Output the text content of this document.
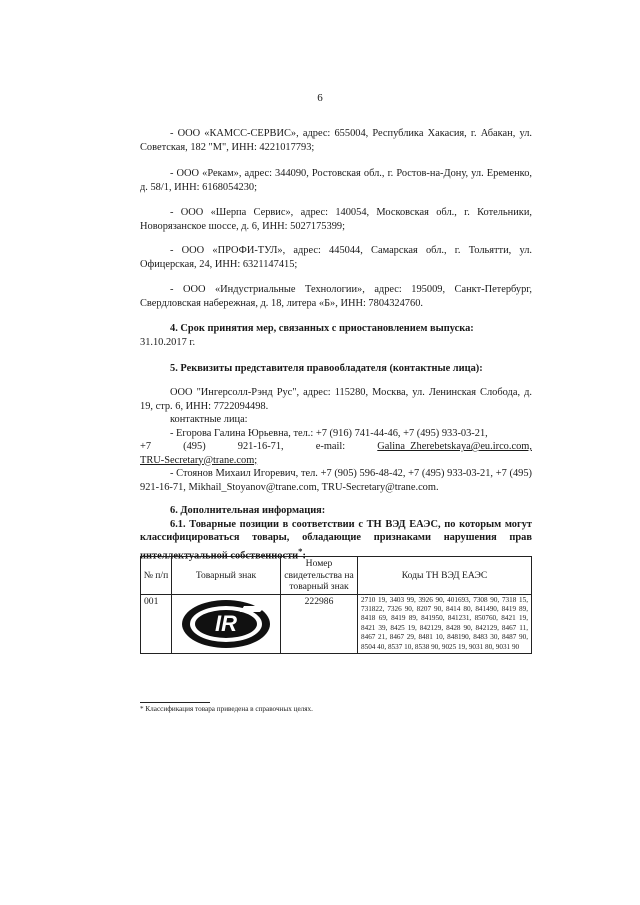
6

- ООО «КАМСС-СЕРВИС», адрес: 655004, Республика Хакасия, г. Абакан, ул. Советская, 182 "М", ИНН: 4221017793;

- ООО «Рекам», адрес: 344090, Ростовская обл., г. Ростов-на-Дону, ул. Еременко, д. 58/1, ИНН: 6168054230;

- ООО «Шерпа Сервис», адрес: 140054, Московская обл., г. Котельники, Новорязанское шоссе, д. 6, ИНН: 5027175399;

- ООО «ПРОФИ-ТУЛ», адрес: 445044, Самарская обл., г. Тольятти, ул. Офицерская, 24, ИНН: 6321147415;

- ООО «Индустриальные Технологии», адрес: 195009, Санкт-Петербург, Свердловская набережная, д. 18, литера «Б», ИНН: 7804324760.

4. Срок принятия мер, связанных с приостановлением выпуска:

31.10.2017 г.

5. Реквизиты представителя правообладателя (контактные лица):

ООО "Ингерсолл-Рэнд Рус", адрес: 115280, Москва, ул. Ленинская Слобода, д. 19, стр. 6, ИНН: 7722094498.

контактные лица:

- Егорова Галина Юрьевна, тел.: +7 (916) 741-44-46, +7 (495) 933-03-21,

+7	(495)	921-16-71,	e-mail:	Galina_Zherebetskaya@eu.irco.com,

TRU-Secretary@trane.com;

- Стоянов Михаил Игоревич, тел. +7 (905) 596-48-42, +7 (495) 933-03-21, +7 (495) 921-16-71, Mikhail_Stoyanov@trane.com, TRU-Secretary@trane.com.

6. Дополнительная информация:

6.1. Товарные позиции в соответствии с ТН ВЭД ЕАЭС, по которым могут классифицироваться товары, обладающие признаками нарушения прав интеллектуальной собственности*:

№ п/п	Товарный знак	Номер свидетельства на товарный знак	Коды ТН ВЭД ЕАЭС
001	IR	222986	2710 19, 3403 99, 3926 90, 401693, 7308 90, 7318 15, 731822, 7326 90, 8207 90, 8414 80, 841490, 8419 89, 8418 69, 8419 89, 841950, 841231, 850760, 8421 19, 8421 39, 8425 19, 842129, 8428 90, 842129, 8467 11, 8467 21, 8467 29, 8481 10, 848190, 8483 30, 8487 90, 8504 40, 8537 10, 8538 90, 9025 19, 9031 80, 9031 90
* Классификация товара приведена в справочных целях.
